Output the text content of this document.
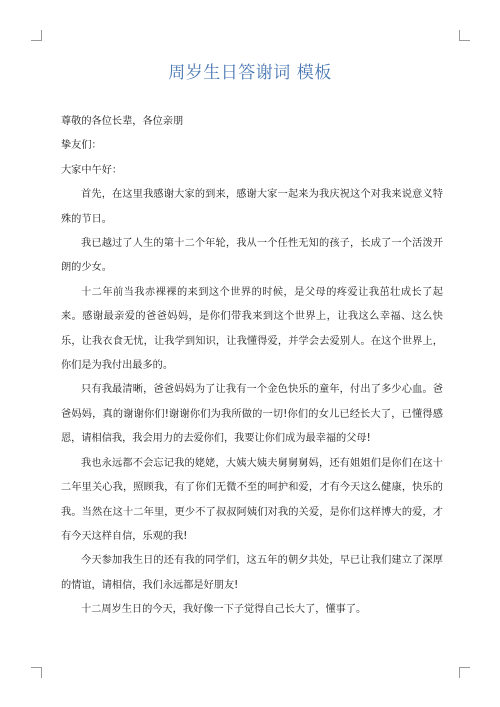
周岁生日答谢词 模板

尊敬的各位长辈，各位亲朋

挚友们：

大家中午好：

首先，在这里我感谢大家的到来，感谢大家一起来为我庆祝这个对我来说意义特殊的节日。

我已越过了人生的第十二个年轮，我从一个任性无知的孩子，长成了一个活泼开朗的少女。

十二年前当我赤裸裸的来到这个世界的时候，是父母的疼爱让我茁壮成长了起来。感谢最亲爱的爸爸妈妈，是你们带我来到这个世界上，让我这么幸福、这么快乐，让我衣食无忧，让我学到知识，让我懂得爱，并学会去爱别人。在这个世界上，你们是为我付出最多的。

只有我最清晰，爸爸妈妈为了让我有一个金色快乐的童年，付出了多少心血。爸爸妈妈，真的谢谢你们!谢谢你们为我所做的一切!你们的女儿已经长大了，已懂得感恩，请相信我，我会用力的去爱你们，我要让你们成为最幸福的父母!

我也永远都不会忘记我的姥姥，大姨大姨夫舅舅舅妈，还有姐姐们是你们在这十二年里关心我，照顾我，有了你们无微不至的呵护和爱，才有今天这么健康，快乐的我。当然在这十二年里，更少不了叔叔阿姨们对我的关爱，是你们这样博大的爱，才有今天这样自信，乐观的我!

今天参加我生日的还有我的同学们，这五年的朝夕共处，早已让我们建立了深厚的情谊，请相信，我们永远都是好朋友!

十二周岁生日的今天，我好像一下子觉得自己长大了，懂事了。
